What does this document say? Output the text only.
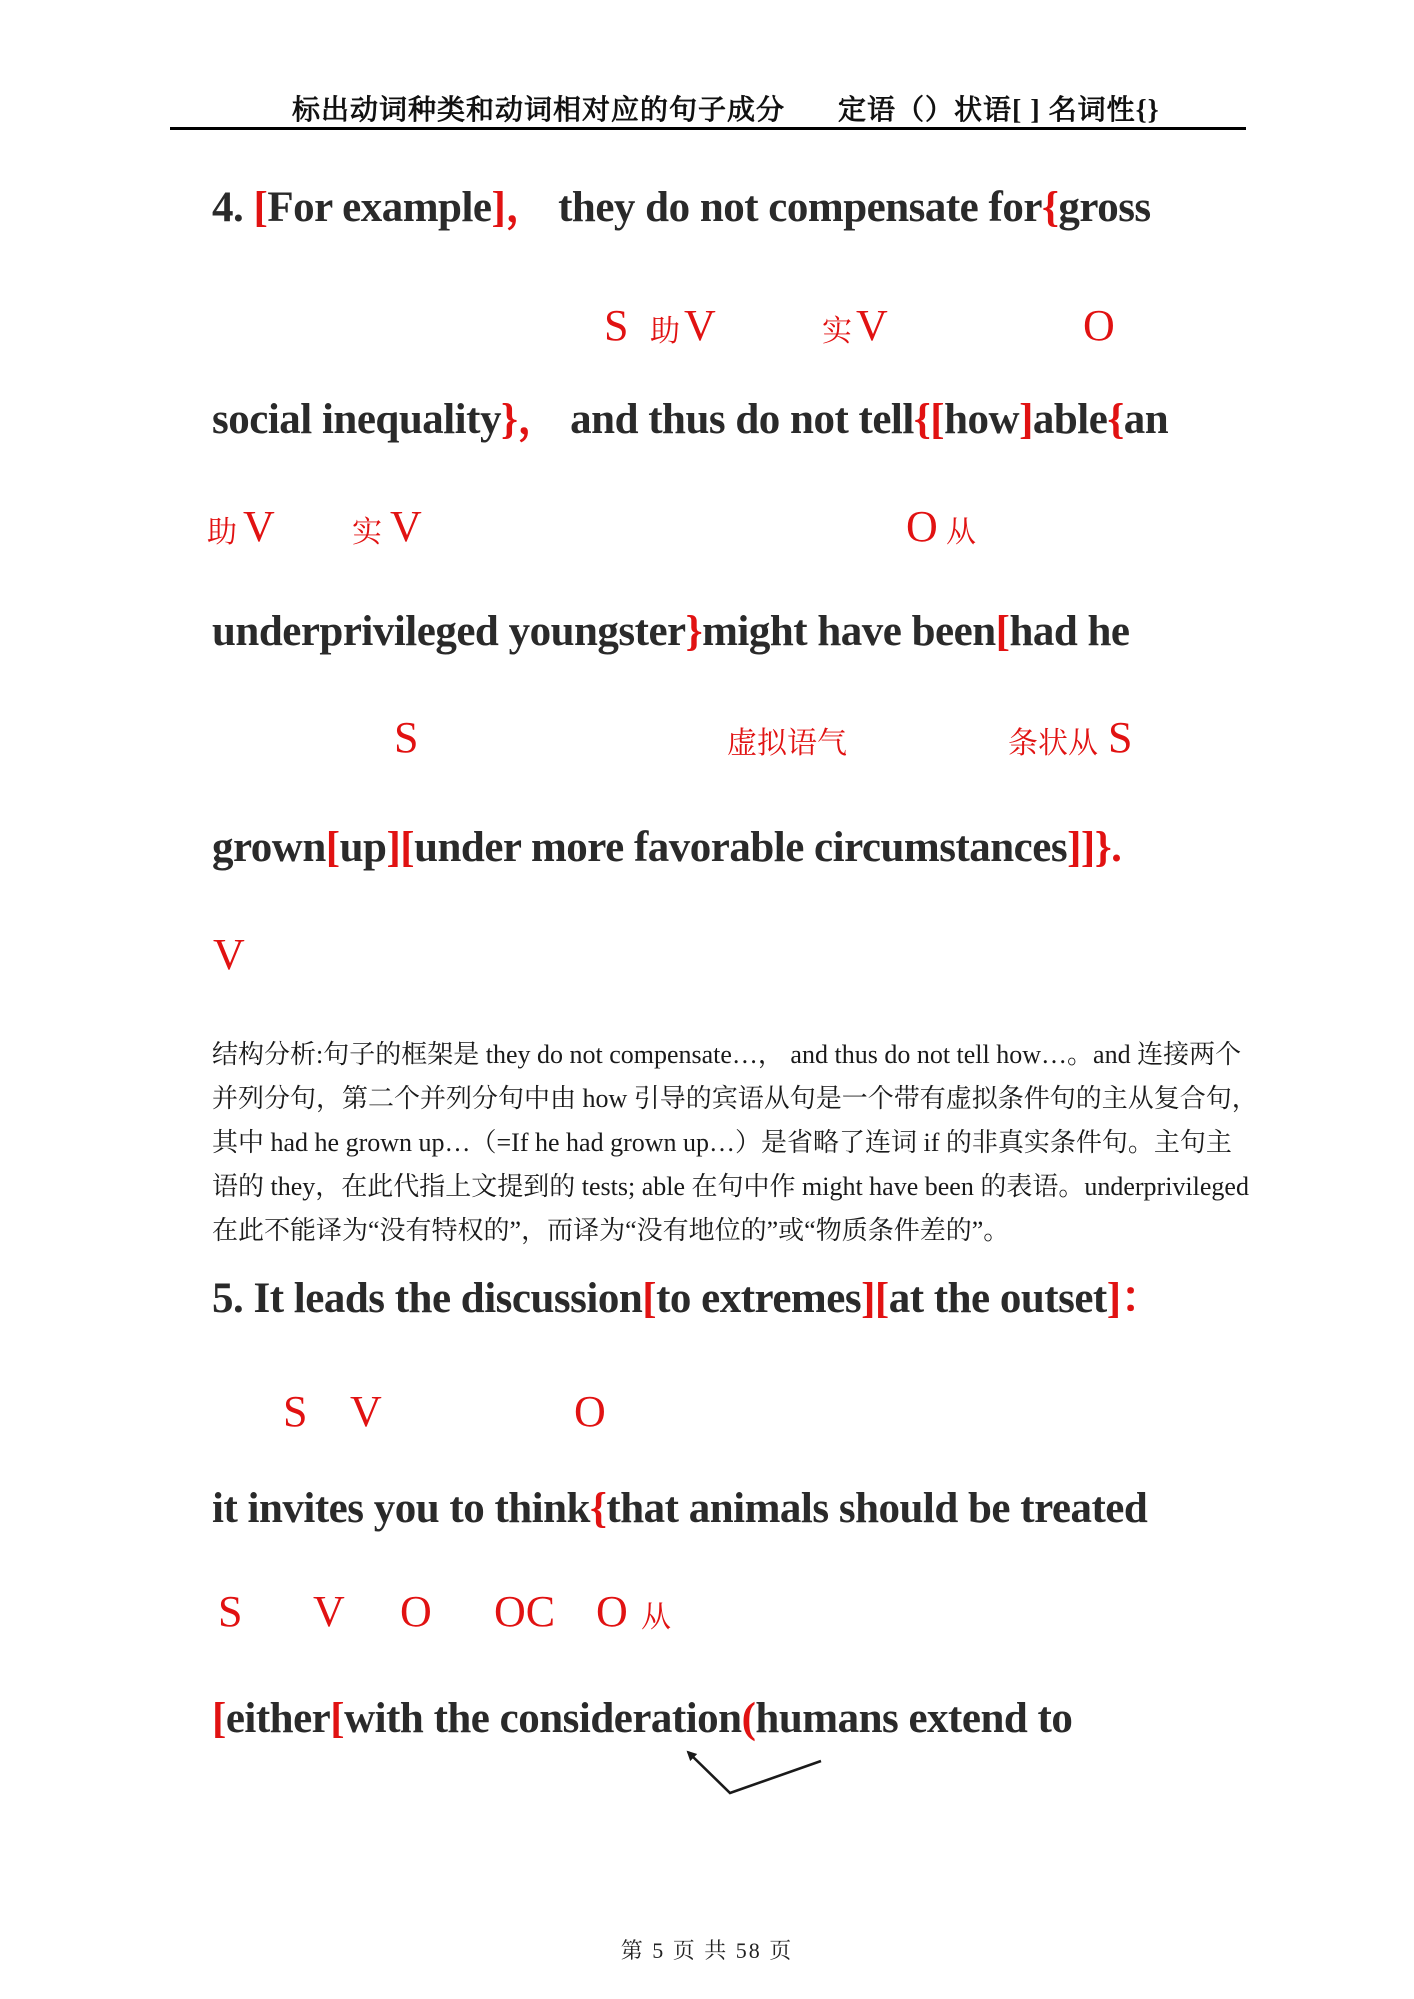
标出动词种类和动词相对应的句子成分 定语（）状语[ ] 名词性{}
4. [For example]， they do not compensate for{gross
S 助 V	实 V	O
social inequality}， and thus do not tell{[how]able{an
助 V	实 V	O 从
underprivileged youngster}might have been[had he
S	虚拟语气	条状从 S
grown[up][under more favorable circumstances]]}.
V
结构分析:句子的框架是 they do not compensate…， and thus do not tell how…。and 连接两个
并列分句，第二个并列分句中由 how 引导的宾语从句是一个带有虚拟条件句的主从复合句，
其中 had he grown up…（=If he had grown up…）是省略了连词 if 的非真实条件句。主句主
语的 they，在此代指上文提到的 tests; able 在句中作 might have been 的表语。underprivileged
在此不能译为“没有特权的”，而译为“没有地位的”或“物质条件差的”。
5. It leads the discussion[to extremes][at the outset]：
S V	O
it invites you to think{that animals should be treated
S V O OC O 从
[either[with the consideration(humans extend to
第 5 页 共 58 页
